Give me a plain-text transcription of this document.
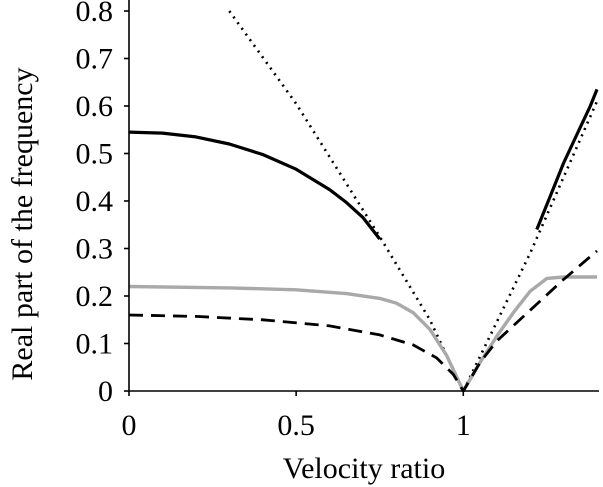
0
0.1
0.2
0.3
0.4
0.5
0.6
0.7
0.8
0	0.5	1
Real part of the frequency
Velocity ratio
